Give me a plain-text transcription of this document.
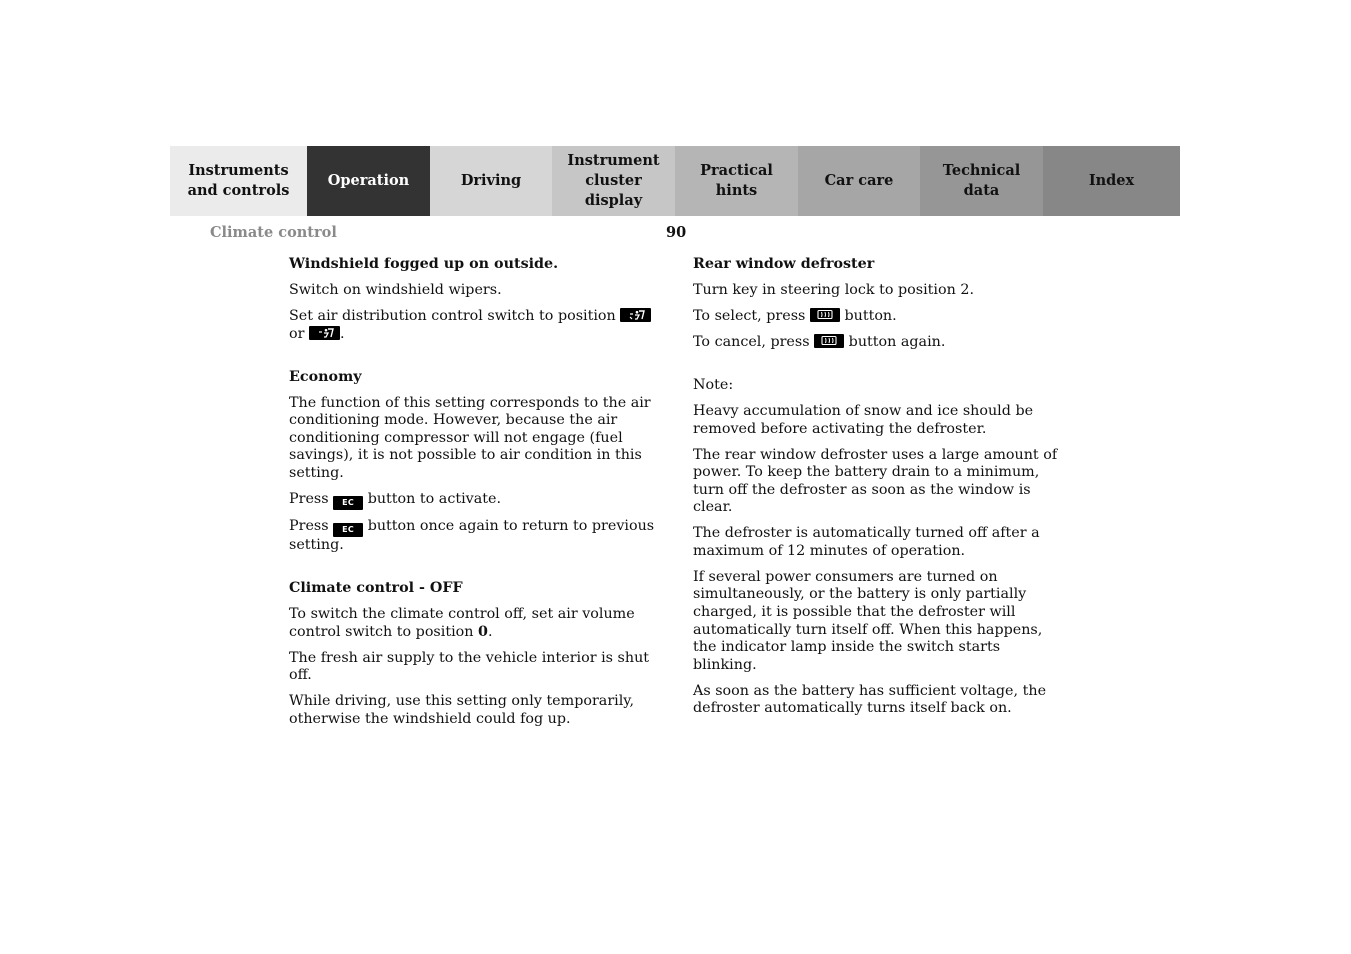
Instruments
and controls
Operation	Driving
Instrument
cluster display
Practical hints
Car care
Technical
data
Index
Climate control	90
Windshield fogged up on outside.

Switch on windshield wipers.

Set air distribution control switch to position

or .

Economy

The function of this setting corresponds to the air conditioning mode. However, because the air conditioning compressor will not engage (fuel savings), it is not possible to air condition in this setting.

Press EC button to activate.

Press EC button once again to return to previous setting.

Climate control - OFF

To switch the climate control off, set air volume control switch to position 0.

The fresh air supply to the vehicle interior is shut off.

While driving, use this setting only temporarily, otherwise the windshield could fog up.

Rear window defroster

Turn key in steering lock to position 2.

To select, press	button.

To cancel, press	button again.

Note:

Heavy accumulation of snow and ice should be removed before activating the defroster.

The rear window defroster uses a large amount of power. To keep the battery drain to a minimum, turn off the defroster as soon as the window is clear.

The defroster is automatically turned off after a maximum of 12 minutes of operation.

If several power consumers are turned on simultaneously, or the battery is only partially charged, it is possible that the defroster will automatically turn itself off. When this happens, the indicator lamp inside the switch starts blinking.

As soon as the battery has sufficient voltage, the defroster automatically turns itself back on.
